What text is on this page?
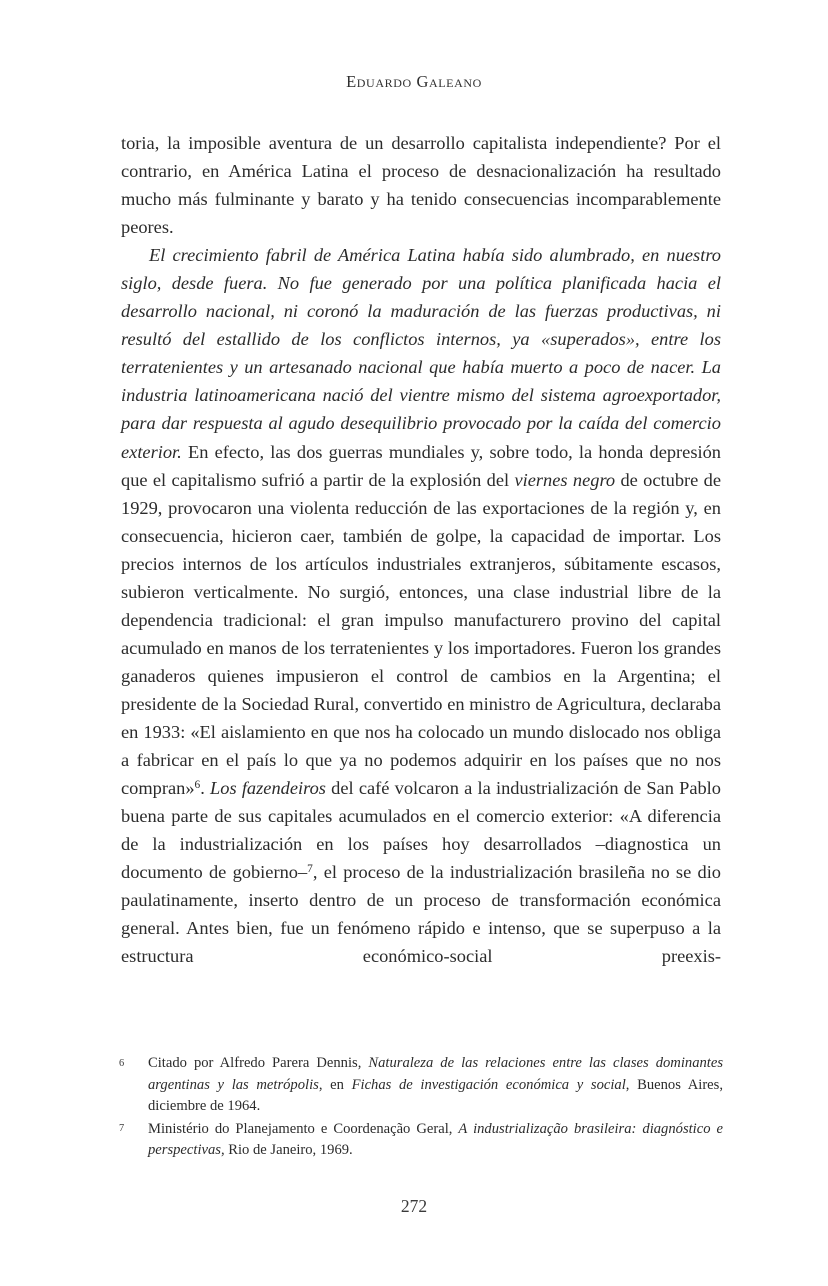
Eduardo Galeano

toria, la imposible aventura de un desarrollo capitalista independiente? Por el contrario, en América Latina el proceso de desnacionalización ha resultado mucho más fulminante y barato y ha tenido consecuencias incomparablemente peores.

El crecimiento fabril de América Latina había sido alumbrado, en nuestro siglo, desde fuera. No fue generado por una política planificada hacia el desarrollo nacional, ni coronó la maduración de las fuerzas productivas, ni resultó del estallido de los conflictos internos, ya «superados», entre los terratenientes y un artesanado nacional que había muerto a poco de nacer. La industria latinoamericana nació del vientre mismo del sistema agroexportador, para dar respuesta al agudo desequilibrio provocado por la caída del comercio exterior. En efecto, las dos guerras mundiales y, sobre todo, la honda depresión que el capitalismo sufrió a partir de la explosión del viernes negro de octubre de 1929, provocaron una violenta reducción de las exportaciones de la región y, en consecuencia, hicieron caer, también de golpe, la capacidad de importar. Los precios internos de los artículos industriales extranjeros, súbitamente escasos, subieron verticalmente. No surgió, entonces, una clase industrial libre de la dependencia tradicional: el gran impulso manufacturero provino del capital acumulado en manos de los terratenientes y los importadores. Fueron los grandes ganaderos quienes impusieron el control de cambios en la Argentina; el presidente de la Sociedad Rural, convertido en ministro de Agricultura, declaraba en 1933: «El aislamiento en que nos ha colocado un mundo dislocado nos obliga a fabricar en el país lo que ya no podemos adquirir en los países que no nos compran»$^6$. Los fazendeiros del café volcaron a la industrialización de San Pablo buena parte de sus capitales acumulados en el comercio exterior: «A diferencia de la industrialización en los países hoy desarrollados –diagnostica un documento de gobierno–$^7$, el proceso de la industrialización brasileña no se dio paulatinamente, inserto dentro de un proceso de transformación económica general. Antes bien, fue un fenómeno rápido e intenso, que se superpuso a la estructura económico-social preexis-

6 Citado por Alfredo Parera Dennis, Naturaleza de las relaciones entre las clases dominantes argentinas y las metrópolis, en Fichas de investigación económica y social, Buenos Aires, diciembre de 1964.
7 Ministério do Planejamento e Coordenação Geral, A industrialização brasileira: diagnóstico e perspectivas, Rio de Janeiro, 1969.
272
